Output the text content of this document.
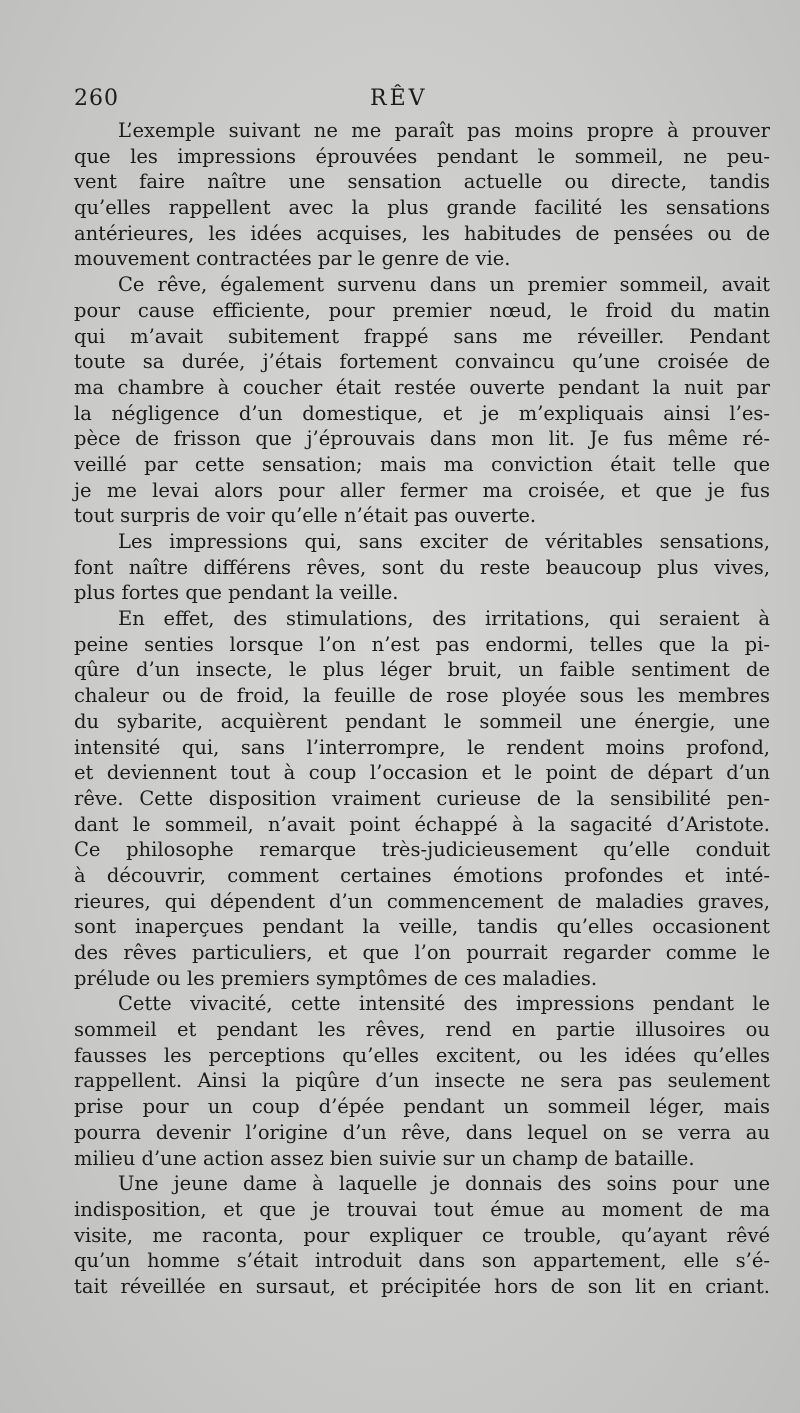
260	RÊV
L’exemple suivant ne me paraît pas moins propre à prouver
que les impressions éprouvées pendant le sommeil, ne peu-
vent faire naître une sensation actuelle ou directe, tandis
qu’elles rappellent avec la plus grande facilité les sensations
antérieures, les idées acquises, les habitudes de pensées ou de
mouvement contractées par le genre de vie.
Ce rêve, également survenu dans un premier sommeil, avait
pour cause efficiente, pour premier nœud, le froid du matin
qui m’avait subitement frappé sans me réveiller. Pendant
toute sa durée, j’étais fortement convaincu qu’une croisée de
ma chambre à coucher était restée ouverte pendant la nuit par
la négligence d’un domestique, et je m’expliquais ainsi l’es-
pèce de frisson que j’éprouvais dans mon lit. Je fus même ré-
veillé par cette sensation; mais ma conviction était telle que
je me levai alors pour aller fermer ma croisée, et que je fus
tout surpris de voir qu’elle n’était pas ouverte.
Les impressions qui, sans exciter de véritables sensations,
font naître différens rêves, sont du reste beaucoup plus vives,
plus fortes que pendant la veille.
En effet, des stimulations, des irritations, qui seraient à
peine senties lorsque l’on n’est pas endormi, telles que la pi-
qûre d’un insecte, le plus léger bruit, un faible sentiment de
chaleur ou de froid, la feuille de rose ployée sous les membres
du sybarite, acquièrent pendant le sommeil une énergie, une
intensité qui, sans l’interrompre, le rendent moins profond,
et deviennent tout à coup l’occasion et le point de départ d’un
rêve. Cette disposition vraiment curieuse de la sensibilité pen-
dant le sommeil, n’avait point échappé à la sagacité d’Aristote.
Ce philosophe remarque très-judicieusement qu’elle conduit
à découvrir, comment certaines émotions profondes et inté-
rieures, qui dépendent d’un commencement de maladies graves,
sont inaperçues pendant la veille, tandis qu’elles occasionent
des rêves particuliers, et que l’on pourrait regarder comme le
prélude ou les premiers symptômes de ces maladies.
Cette vivacité, cette intensité des impressions pendant le
sommeil et pendant les rêves, rend en partie illusoires ou
fausses les perceptions qu’elles excitent, ou les idées qu’elles
rappellent. Ainsi la piqûre d’un insecte ne sera pas seulement
prise pour un coup d’épée pendant un sommeil léger, mais
pourra devenir l’origine d’un rêve, dans lequel on se verra au
milieu d’une action assez bien suivie sur un champ de bataille.
Une jeune dame à laquelle je donnais des soins pour une
indisposition, et que je trouvai tout émue au moment de ma
visite, me raconta, pour expliquer ce trouble, qu’ayant rêvé
qu’un homme s’était introduit dans son appartement, elle s’é-
tait réveillée en sursaut, et précipitée hors de son lit en criant.
